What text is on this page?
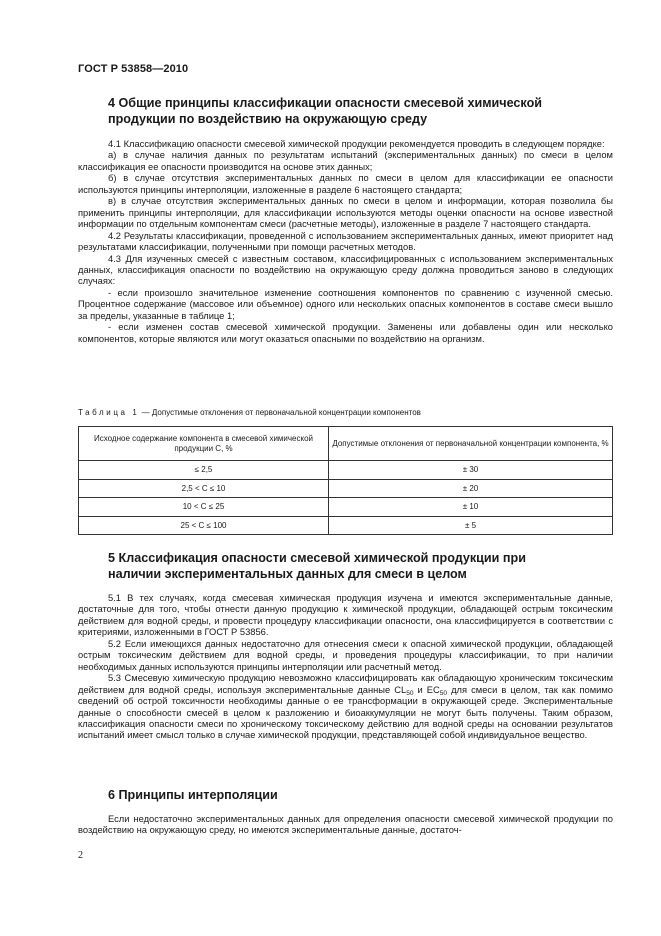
ГОСТ Р 53858—2010
4 Общие принципы классификации опасности смесевой химической
продукции по воздействию на окружающую среду

4.1 Классификацию опасности смесевой химической продукции рекомендуется проводить в следующем порядке:

а) в случае наличия данных по результатам испытаний (экспериментальных данных) по смеси в целом классификация ее опасности производится на основе этих данных;

б) в случае отсутствия экспериментальных данных по смеси в целом для классификации ее опасности используются принципы интерполяции, изложенные в разделе 6 настоящего стандарта;

в) в случае отсутствия экспериментальных данных по смеси в целом и информации, которая позволила бы применить принципы интерполяции, для классификации используются методы оценки опасности на основе известной информации по отдельным компонентам смеси (расчетные методы), изложенные в разделе 7 настоящего стандарта.

4.2 Результаты классификации, проведенной с использованием экспериментальных данных, имеют приоритет над результатами классификации, полученными при помощи расчетных методов.

4.3 Для изученных смесей с известным составом, классифицированных с использованием экспериментальных данных, классификация опасности по воздействию на окружающую среду должна проводиться заново в следующих случаях:

- если произошло значительное изменение соотношения компонентов по сравнению с изученной смесью. Процентное содержание (массовое или объемное) одного или нескольких опасных компонентов в составе смеси вышло за пределы, указанные в таблице 1;

- если изменен состав смесевой химической продукции. Заменены или добавлены один или несколько компонентов, которые являются или могут оказаться опасными по воздействию на организм.

Таблица 1 — Допустимые отклонения от первоначальной концентрации компонентов
Исходное содержание компонента в смесевой химической продукции C, %	Допустимые отклонения от первоначальной концентрации компонента, %
≤ 2,5	± 30
2,5 < C ≤ 10	± 20
10 < C ≤ 25	± 10
25 < C ≤ 100	± 5
5 Классификация опасности смесевой химической продукции при
наличии экспериментальных данных для смеси в целом

5.1 В тех случаях, когда смесевая химическая продукция изучена и имеются экспериментальные данные, достаточные для того, чтобы отнести данную продукцию к химической продукции, обладающей острым токсическим действием для водной среды, и провести процедуру классификации опасности, она классифицируется в соответствии с критериями, изложенными в ГОСТ Р 53856.

5.2 Если имеющихся данных недостаточно для отнесения смеси к опасной химической продукции, обладающей острым токсическим действием для водной среды, и проведения процедуры классификации, то при наличии необходимых данных используются принципы интерполяции или расчетный метод.

5.3 Смесевую химическую продукцию невозможно классифицировать как обладающую хроническим токсическим действием для водной среды, используя экспериментальные данные $CL_{50}$ и $EC_{50}$ для смеси в целом, так как помимо сведений об острой токсичности необходимы данные о ее трансформации в окружающей среде. Экспериментальные данные о способности смесей в целом к разложению и биоаккумуляции не могут быть получены. Таким образом, классификация опасности смеси по хроническому токсическому действию для водной среды на основании результатов испытаний имеет смысл только в случае химической продукции, представляющей собой индивидуальное вещество.

6 Принципы интерполяции

Если недостаточно экспериментальных данных для определения опасности смесевой химической продукции по воздействию на окружающую среду, но имеются экспериментальные данные, достаточ-

2
